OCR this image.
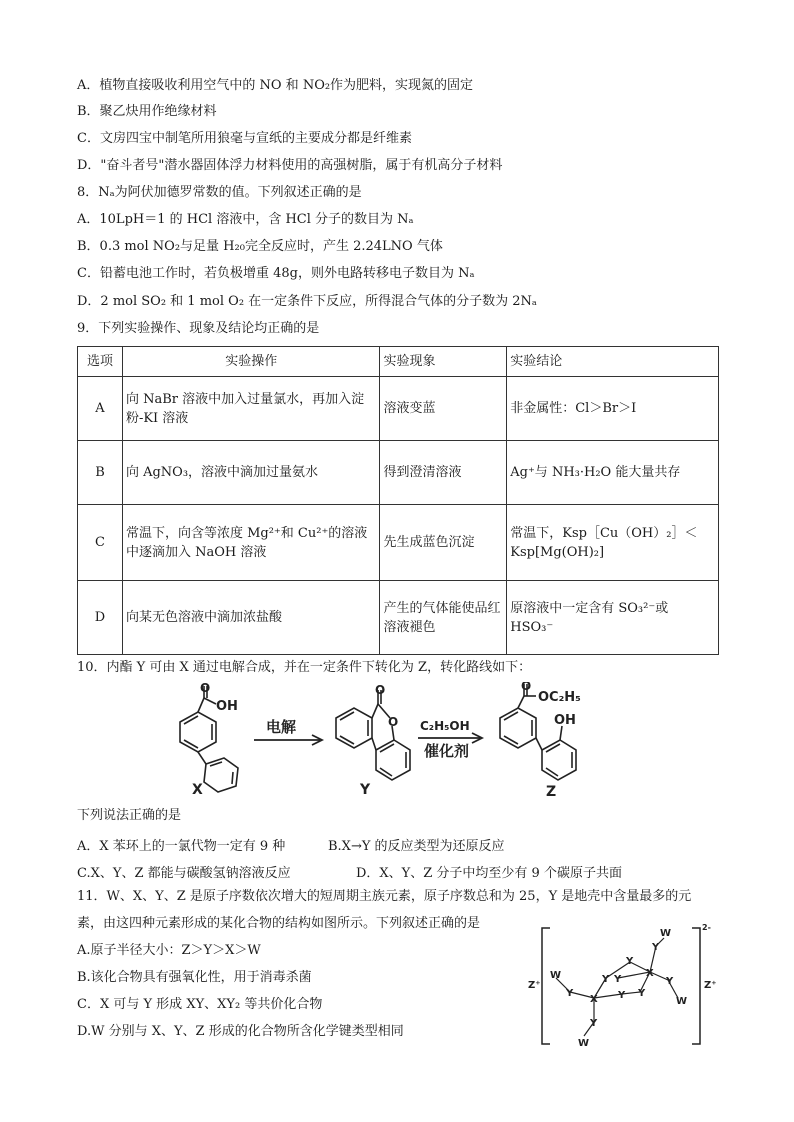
A．植物直接吸收利用空气中的 NO 和 NO₂作为肥料，实现氮的固定
B．聚乙炔用作绝缘材料
C．文房四宝中制笔所用狼毫与宣纸的主要成分都是纤维素
D．"奋斗者号"潜水器固体浮力材料使用的高强树脂，属于有机高分子材料
8．Nₐ为阿伏加德罗常数的值。下列叙述正确的是
A．10LpH＝1 的 HCl 溶液中，含 HCl 分子的数目为 Nₐ
B．0.3 mol NO₂与足量 H₂₀完全反应时，产生 2.24LNO 气体
C．铅蓄电池工作时，若负极增重 48g，则外电路转移电子数目为 Nₐ
D．2 mol SO₂ 和 1 mol O₂ 在一定条件下反应，所得混合气体的分子数为 2Nₐ
9．下列实验操作、现象及结论均正确的是
选项	实验操作	实验现象	实验结论
A	向 NaBr 溶液中加入过量氯水，再加入淀粉-KI 溶液	溶液变蓝	非金属性：Cl＞Br＞I
B	向 AgNO₃，溶液中滴加过量氨水	得到澄清溶液	Ag⁺与 NH₃·H₂O 能大量共存
C	常温下，向含等浓度 Mg²⁺和 Cu²⁺的溶液中逐滴加入 NaOH 溶液	先生成蓝色沉淀	常温下，Ksp［Cu（OH）₂］＜Ksp[Mg(OH)₂]
D	向某无色溶液中滴加浓盐酸	产生的气体能使品红溶液褪色	原溶液中一定含有 SO₃²⁻或 HSO₃⁻
10．内酯 Y 可由 X 通过电解合成，并在一定条件下转化为 Z，转化路线如下：
O
OH
X
电解
O
O
Y
C₂H₅OH
催化剂
O
OC₂H₅
OH
Z
下列说法正确的是
A．X 苯环上的一氯代物一定有 9 种	B.X→Y 的反应类型为还原反应
C.X、Y、Z 都能与碳酸氢钠溶液反应	D．X、Y、Z 分子中均至少有 9 个碳原子共面
11．W、X、Y、Z 是原子序数依次增大的短周期主族元素，原子序数总和为 25，Y 是地壳中含量最多的元
素，由这四种元素形成的某化合物的结构如图所示。下列叙述正确的是
A.原子半径大小：Z＞Y＞X＞W
B.该化合物具有强氧化性，用于消毒杀菌
C．X 可与 Y 形成 XY、XY₂ 等共价化合物
D.W 分别与 X、Y、Z 形成的化合物所含化学键类型相同
2-
Z⁺	Z⁺
W
Y
X
Y
Y
W
Y
Y
Y
X Y
Y
W
Y
W
